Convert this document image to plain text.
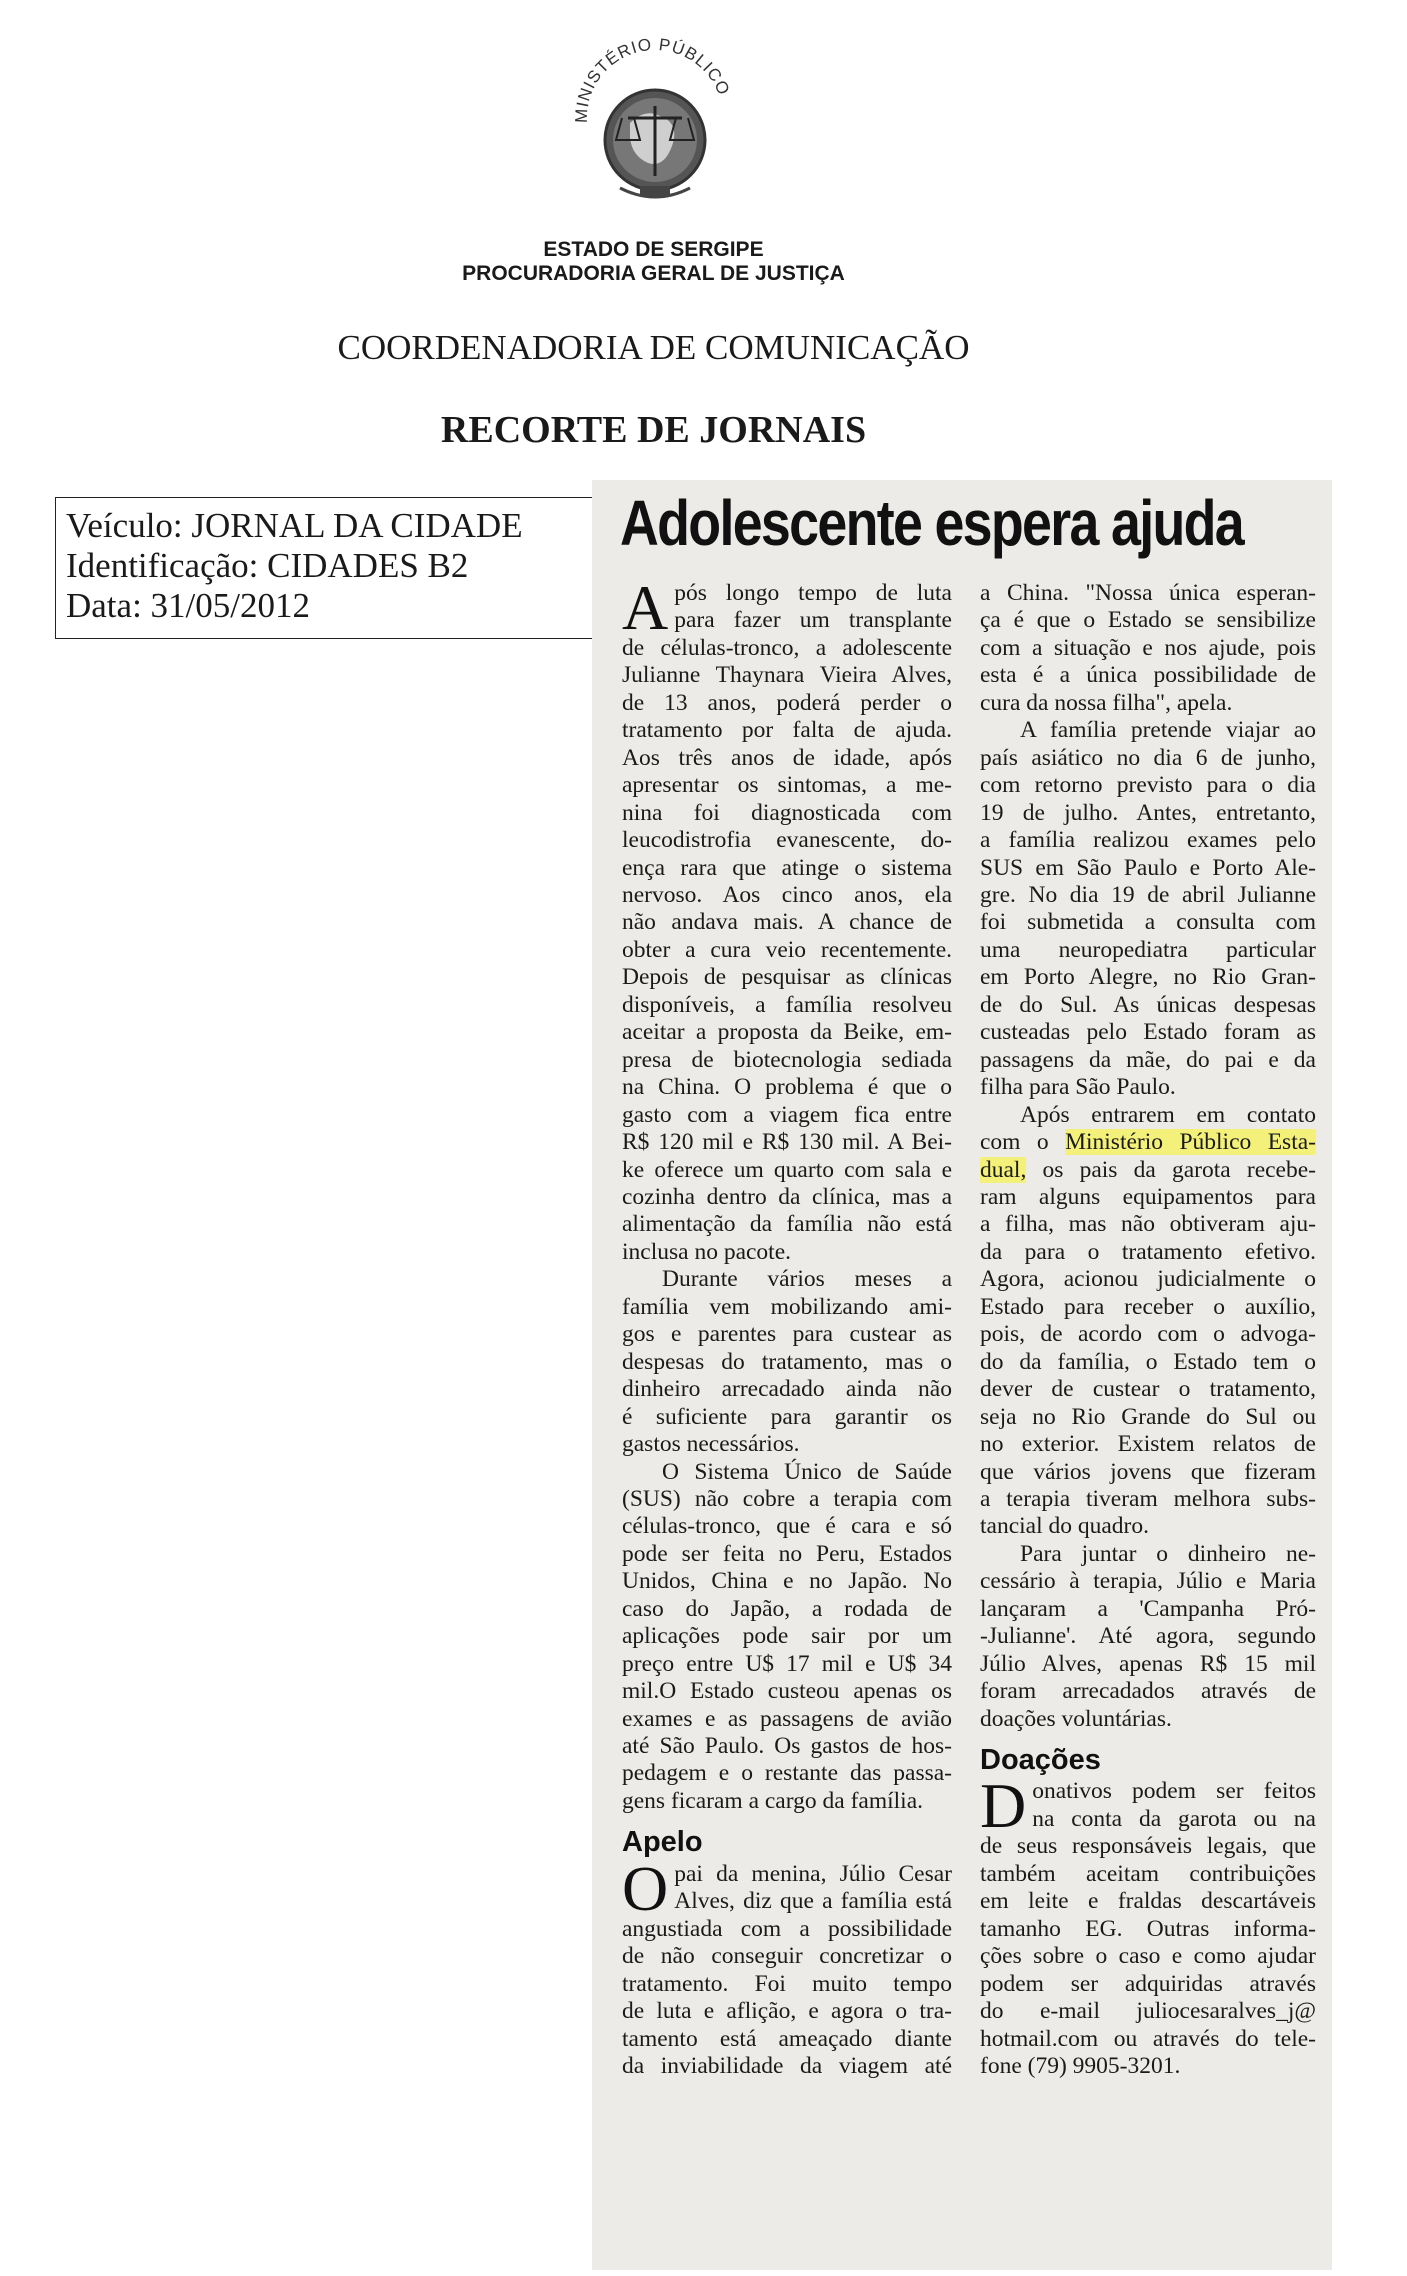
MINISTÉRIO PÚBLICO
ESTADO DE SERGIPE
PROCURADORIA GERAL DE JUSTIÇA
COORDENADORIA DE COMUNICAÇÃO
RECORTE DE JORNAIS
Veículo: JORNAL DA CIDADE
Identificação: CIDADES B2
Data: 31/05/2012
Adolescente espera ajuda
A pós longo tempo de luta
para fazer um transplante
de células-tronco, a adolescente
Julianne Thaynara Vieira Alves,
de 13 anos, poderá perder o
tratamento por falta de ajuda.
Aos três anos de idade, após
apresentar os sintomas, a me-
nina foi diagnosticada com
leucodistrofia evanescente, do-
ença rara que atinge o sistema
nervoso. Aos cinco anos, ela
não andava mais. A chance de
obter a cura veio recentemente.
Depois de pesquisar as clínicas
disponíveis, a família resolveu
aceitar a proposta da Beike, em-
presa de biotecnologia sediada
na China. O problema é que o
gasto com a viagem fica entre
R$ 120 mil e R$ 130 mil. A Bei-
ke oferece um quarto com sala e
cozinha dentro da clínica, mas a
alimentação da família não está
inclusa no pacote.
Durante vários meses a
família vem mobilizando ami-
gos e parentes para custear as
despesas do tratamento, mas o
dinheiro arrecadado ainda não
é suficiente para garantir os
gastos necessários.
O Sistema Único de Saúde
(SUS) não cobre a terapia com
células-tronco, que é cara e só
pode ser feita no Peru, Estados
Unidos, China e no Japão. No
caso do Japão, a rodada de
aplicações pode sair por um
preço entre U$ 17 mil e U$ 34
mil.O Estado custeou apenas os
exames e as passagens de avião
até São Paulo. Os gastos de hos-
pedagem e o restante das passa-
gens ficaram a cargo da família.
Apelo
O pai da menina, Júlio Cesar
Alves, diz que a família está
angustiada com a possibilidade
de não conseguir concretizar o
tratamento. Foi muito tempo
de luta e aflição, e agora o tra-
tamento está ameaçado diante
da inviabilidade da viagem até
a China. "Nossa única esperan-
ça é que o Estado se sensibilize
com a situação e nos ajude, pois
esta é a única possibilidade de
cura da nossa filha", apela.
A família pretende viajar ao
país asiático no dia 6 de junho,
com retorno previsto para o dia
19 de julho. Antes, entretanto,
a família realizou exames pelo
SUS em São Paulo e Porto Ale-
gre. No dia 19 de abril Julianne
foi submetida a consulta com
uma neuropediatra particular
em Porto Alegre, no Rio Gran-
de do Sul. As únicas despesas
custeadas pelo Estado foram as
passagens da mãe, do pai e da
filha para São Paulo.
Após entrarem em contato
com o Ministério Público Esta-
dual, os pais da garota recebe-
ram alguns equipamentos para
a filha, mas não obtiveram aju-
da para o tratamento efetivo.
Agora, acionou judicialmente o
Estado para receber o auxílio,
pois, de acordo com o advoga-
do da família, o Estado tem o
dever de custear o tratamento,
seja no Rio Grande do Sul ou
no exterior. Existem relatos de
que vários jovens que fizeram
a terapia tiveram melhora subs-
tancial do quadro.
Para juntar o dinheiro ne-
cessário à terapia, Júlio e Maria
lançaram a 'Campanha Pró-
-Julianne'. Até agora, segundo
Júlio Alves, apenas R$ 15 mil
foram arrecadados através de
doações voluntárias.
Doações
D onativos podem ser feitos
na conta da garota ou na
de seus responsáveis legais, que
também aceitam contribuições
em leite e fraldas descartáveis
tamanho EG. Outras informa-
ções sobre o caso e como ajudar
podem ser adquiridas através
do e-mail juliocesaralves_j@
hotmail.com ou através do tele-
fone (79) 9905-3201.
